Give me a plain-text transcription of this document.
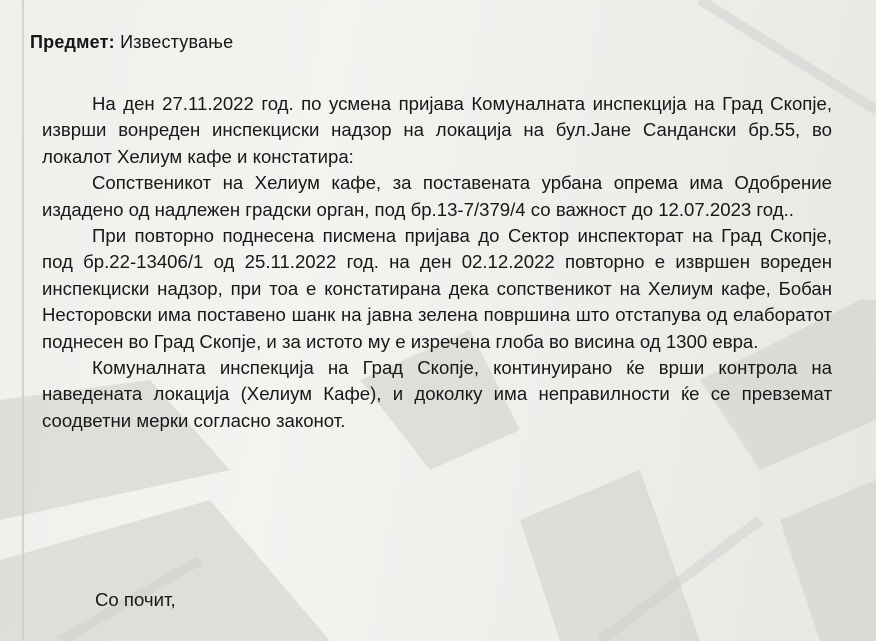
Предмет: Известување

На ден 27.11.2022 год. по усмена пријава Комуналната инспекција на Град Скопје, изврши вонреден инспекциски надзор на локација на бул.Јане Сандански бр.55, во локалот Хелиум кафе и констатира:

Сопственикот на Хелиум кафе, за поставената урбана опрема има Одобрение издадено од надлежен градски орган, под бр.13-7/379/4 со важност до 12.07.2023 год..

При повторно поднесена писмена пријава до Сектор инспекторат на Град Скопје, под бр.22-13406/1 од 25.11.2022 год. на ден 02.12.2022 повторно е извршен вореден инспекциски надзор, при тоа е констатирана дека сопственикот на Хелиум кафе, Бобан Несторовски има поставено шанк на јавна зелена површина што отстапува од елаборатот поднесен во Град Скопје, и за истото му е изречена глоба во висина од 1300 евра.

Комуналната инспекција на Град Скопје, континуирано ќе врши контрола на наведената локација (Хелиум Кафе), и доколку има неправилности ќе се превземат соодветни мерки согласно законот.

Со почит,
